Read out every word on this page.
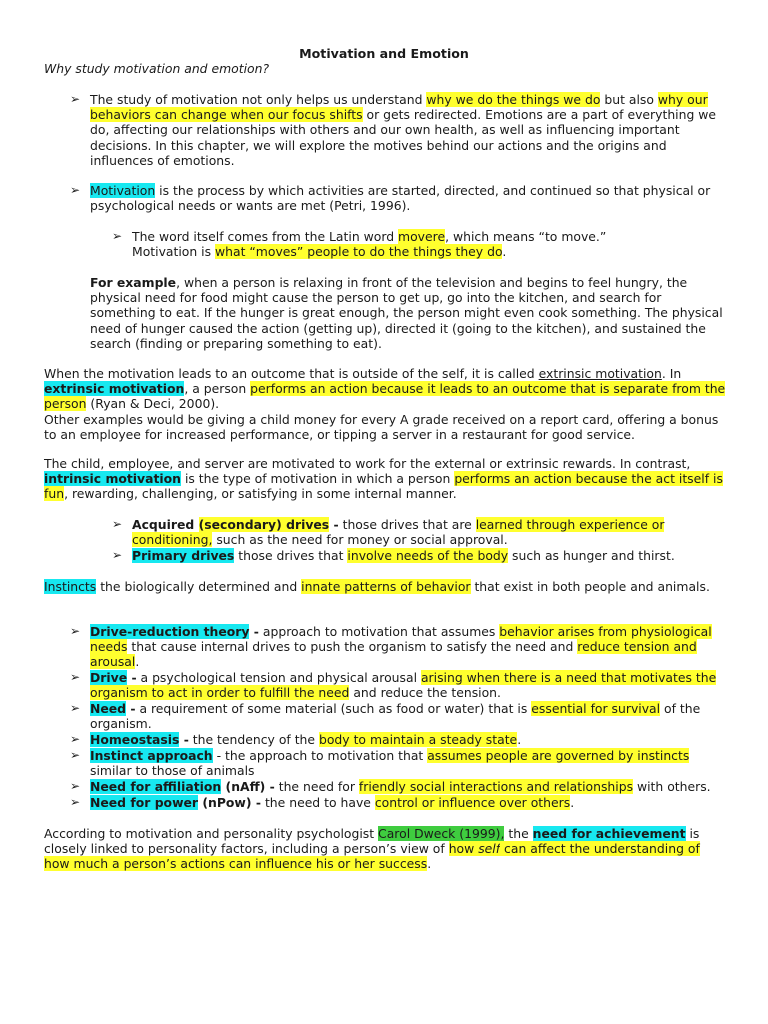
Motivation and Emotion
Why study motivation and emotion?
➢ The study of motivation not only helps us understand why we do the things we do but also why our behaviors can change when our focus shifts or gets redirected. Emotions are a part of everything we do, affecting our relationships with others and our own health, as well as influencing important decisions. In this chapter, we will explore the motives behind our actions and the origins and influences of emotions.

➢ Motivation is the process by which activities are started, directed, and continued so that physical or psychological needs or wants are met (Petri, 1996).

➢ The word itself comes from the Latin word movere, which means “to move.”

Motivation is what “moves” people to do the things they do.

For example, when a person is relaxing in front of the television and begins to feel hungry, the physical need for food might cause the person to get up, go into the kitchen, and search for something to eat. If the hunger is great enough, the person might even cook something. The physical need of hunger caused the action (getting up), directed it (going to the kitchen), and sustained the search (finding or preparing something to eat).

When the motivation leads to an outcome that is outside of the self, it is called extrinsic motivation. In extrinsic motivation, a person performs an action because it leads to an outcome that is separate from the person (Ryan & Deci, 2000).

Other examples would be giving a child money for every A grade received on a report card, offering a bonus to an employee for increased performance, or tipping a server in a restaurant for good service.

The child, employee, and server are motivated to work for the external or extrinsic rewards. In contrast, intrinsic motivation is the type of motivation in which a person performs an action because the act itself is fun, rewarding, challenging, or satisfying in some internal manner.

➢ Acquired (secondary) drives - those drives that are learned through experience or conditioning, such as the need for money or social approval.

➢ Primary drives those drives that involve needs of the body such as hunger and thirst.

Instincts the biologically determined and innate patterns of behavior that exist in both people and animals.

➢ Drive-reduction theory - approach to motivation that assumes behavior arises from physiological needs that cause internal drives to push the organism to satisfy the need and reduce tension and arousal.

➢ Drive - a psychological tension and physical arousal arising when there is a need that motivates the organism to act in order to fulfill the need and reduce the tension.

➢ Need - a requirement of some material (such as food or water) that is essential for survival of the organism.

➢ Homeostasis - the tendency of the body to maintain a steady state.

➢ Instinct approach - the approach to motivation that assumes people are governed by instincts similar to those of animals

➢ Need for affiliation (nAff) - the need for friendly social interactions and relationships with others.

➢ Need for power (nPow) - the need to have control or influence over others.

According to motivation and personality psychologist Carol Dweck (1999), the need for achievement is closely linked to personality factors, including a person’s view of how self can affect the understanding of how much a person’s actions can influence his or her success.
